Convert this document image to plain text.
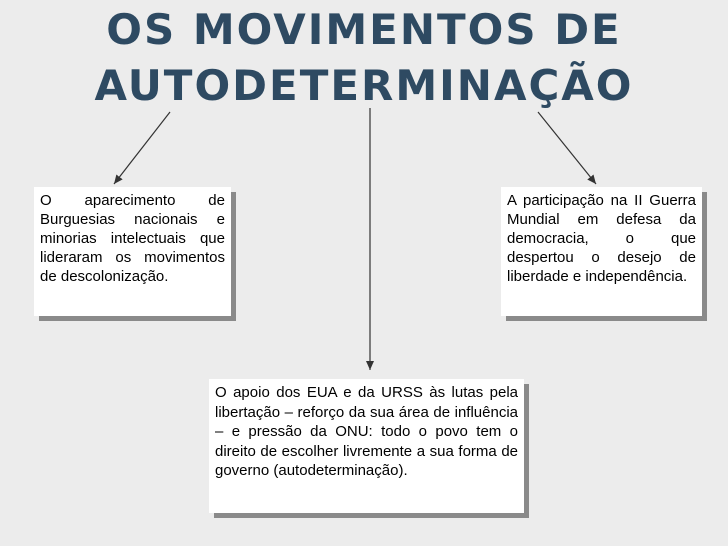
OS MOVIMENTOS DE
AUTODETERMINAÇÃO
O aparecimento de Burguesias nacionais e minorias intelectuais que lideraram os movimentos de descolonização.
A participação na II Guerra Mundial em defesa da democracia, o que despertou o desejo de liberdade e independência.
O apoio dos EUA e da URSS às lutas pela libertação – reforço da sua área de influência – e pressão da ONU: todo o povo tem o direito de escolher livremente a sua forma de governo (autodeterminação).
